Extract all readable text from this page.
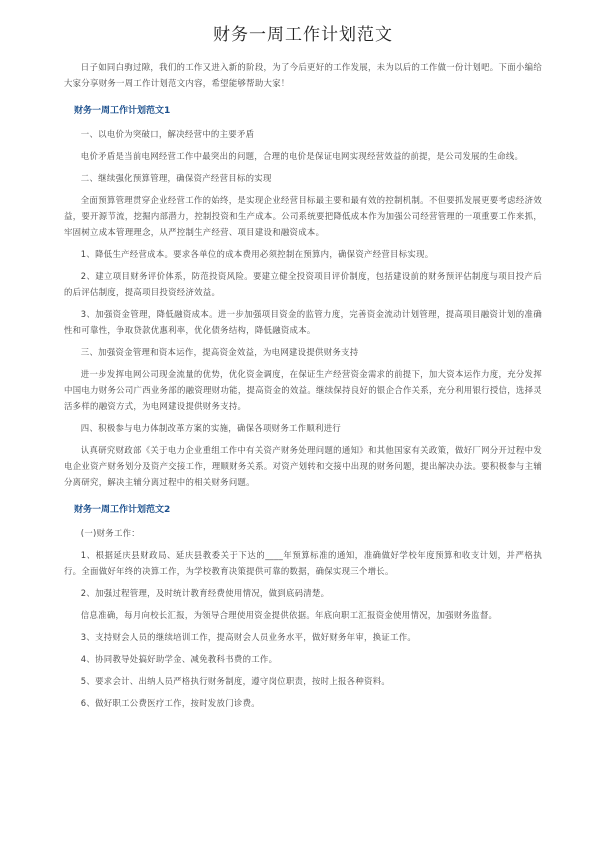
财务一周工作计划范文
日子如同白驹过隙，我们的工作又进入新的阶段，为了今后更好的工作发展，未为以后的工作做一份计划吧。下面小编给大家分享财务一周工作计划范文内容，希望能够帮助大家！
财务一周工作计划范文1
一、以电价为突破口，解决经营中的主要矛盾
电价矛盾是当前电网经营工作中最突出的问题，合理的电价是保证电网实现经营效益的前提，是公司发展的生命线。
二、继续强化预算管理，确保资产经营目标的实现
全面预算管理贯穿企业经营工作的始终，是实现企业经营目标最主要和最有效的控制机制。不但要抓发展更要考虑经济效益，要开源节流，挖掘内部潜力，控制投资和生产成本。公司系统要把降低成本作为加强公司经营管理的一项重要工作来抓，牢固树立成本管理理念，从严控制生产经营、项目建设和融资成本。
1、降低生产经营成本。要求各单位的成本费用必须控制在预算内，确保资产经营目标实现。
2、建立项目财务评价体系，防范投资风险。要建立健全投资项目评价制度，包括建设前的财务预评估制度与项目投产后的后评估制度，提高项目投资经济效益。
3、加强资金管理，降低融资成本。进一步加强项目资金的监管力度，完善资金流动计划管理，提高项目融资计划的准确性和可靠性，争取贷款优惠利率，优化债务结构，降低融资成本。
三、加强资金管理和资本运作，提高资金效益，为电网建设提供财务支持
进一步发挥电网公司现金流量的优势，优化资金调度，在保证生产经营资金需求的前提下，加大资本运作力度，充分发挥中国电力财务公司广西业务部的融资理财功能，提高资金的效益。继续保持良好的银企合作关系，充分利用银行授信，选择灵活多样的融资方式，为电网建设提供财务支持。
四、积极参与电力体制改革方案的实施，确保各项财务工作顺利进行
认真研究财政部《关于电力企业重组工作中有关资产财务处理问题的通知》和其他国家有关政策，做好厂网分开过程中发电企业资产财务划分及资产交接工作，理顺财务关系。对资产划转和交接中出现的财务问题，提出解决办法。要积极参与主辅分离研究，解决主辅分离过程中的相关财务问题。
财务一周工作计划范文2
(一)财务工作：
1、根据延庆县财政局、延庆县教委关于下达的____年预算标准的通知，准确做好学校年度预算和收支计划，并严格执行。全面做好年终的决算工作，为学校教育决策提供可靠的数据，确保实现三个增长。
2、加强过程管理，及时统计教育经费使用情况，做到底码清楚。
信息准确，每月向校长汇报，为领导合理使用资金提供依据。年底向职工汇报资金使用情况，加强财务监督。
3、支持财会人员的继续培训工作，提高财会人员业务水平，做好财务年审，换证工作。
4、协同教导处搞好助学金、减免教科书费的工作。
5、要求会计、出纳人员严格执行财务制度，遵守岗位职责，按时上报各种资料。
6、做好职工公费医疗工作，按时发放门诊费。
